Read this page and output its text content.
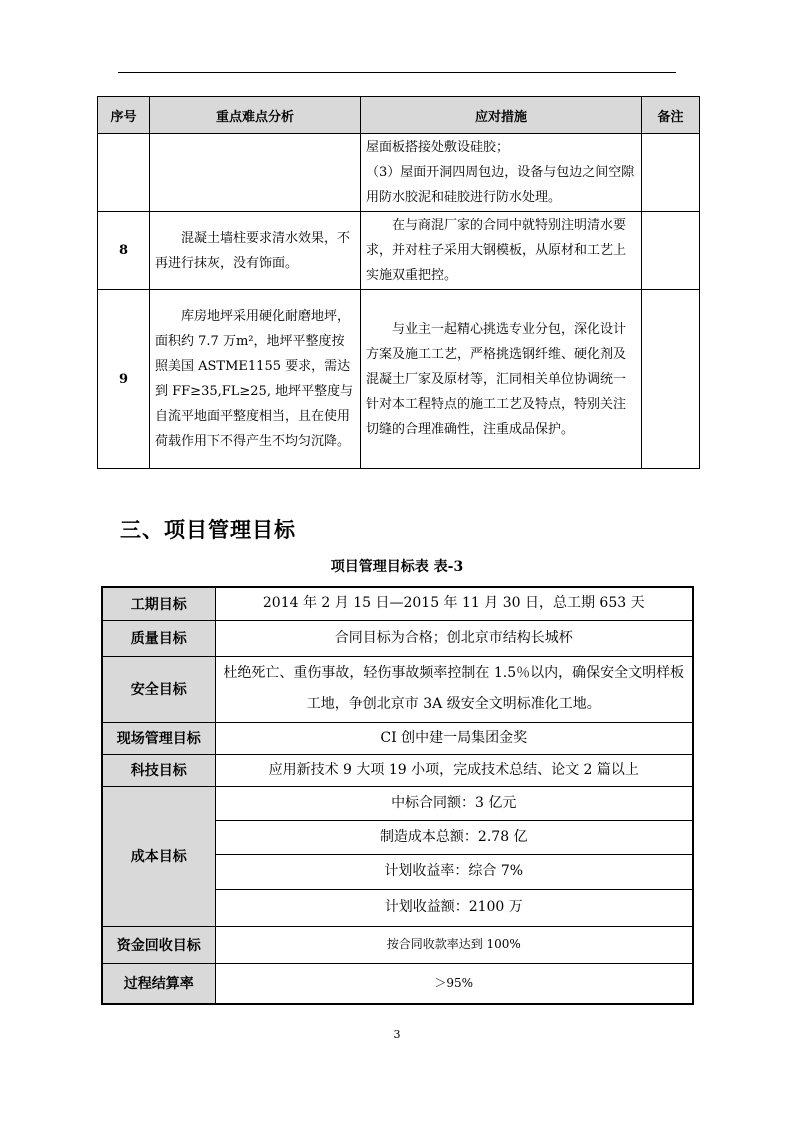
序号	重点难点分析	应对措施	备注

		屋面板搭接处敷设硅胶；
（3）屋面开洞四周包边，设备与包边之间空隙用防水胶泥和硅胶进行防水处理。	

8	混凝土墙柱要求清水效果，不再进行抹灰，没有饰面。	在与商混厂家的合同中就特别注明清水要求，并对柱子采用大钢模板，从原材和工艺上实施双重把控。	
9	库房地坪采用硬化耐磨地坪，面积约 7.7 万m²，地坪平整度按照美国 ASTME1155 要求，需达到 FF≥35,FL≥25, 地坪平整度与自流平地面平整度相当，且在使用荷载作用下不得产生不均匀沉降。	与业主一起精心挑选专业分包，深化设计方案及施工工艺，严格挑选钢纤维、硬化剂及混凝土厂家及原材等，汇同相关单位协调统一针对本工程特点的施工工艺及特点，特别关注切缝的合理准确性，注重成品保护。	
三、项目管理目标
项目管理目标表 表-3
工期目标	2014 年 2 月 15 日—2015 年 11 月 30 日，总工期 653 天
质量目标	合同目标为合格；创北京市结构长城杯
安全目标	杜绝死亡、重伤事故，轻伤事故频率控制在 1.5％以内，确保安全文明样板工地，争创北京市 3A 级安全文明标准化工地。
现场管理目标	CI 创中建一局集团金奖
科技目标	应用新技术 9 大项 19 小项，完成技术总结、论文 2 篇以上
成本目标	中标合同额：3 亿元
	制造成本总额：2.78 亿
	计划收益率：综合 7%
	计划收益额：2100 万
资金回收目标	按合同收款率达到 100%
过程结算率	＞95%
3
